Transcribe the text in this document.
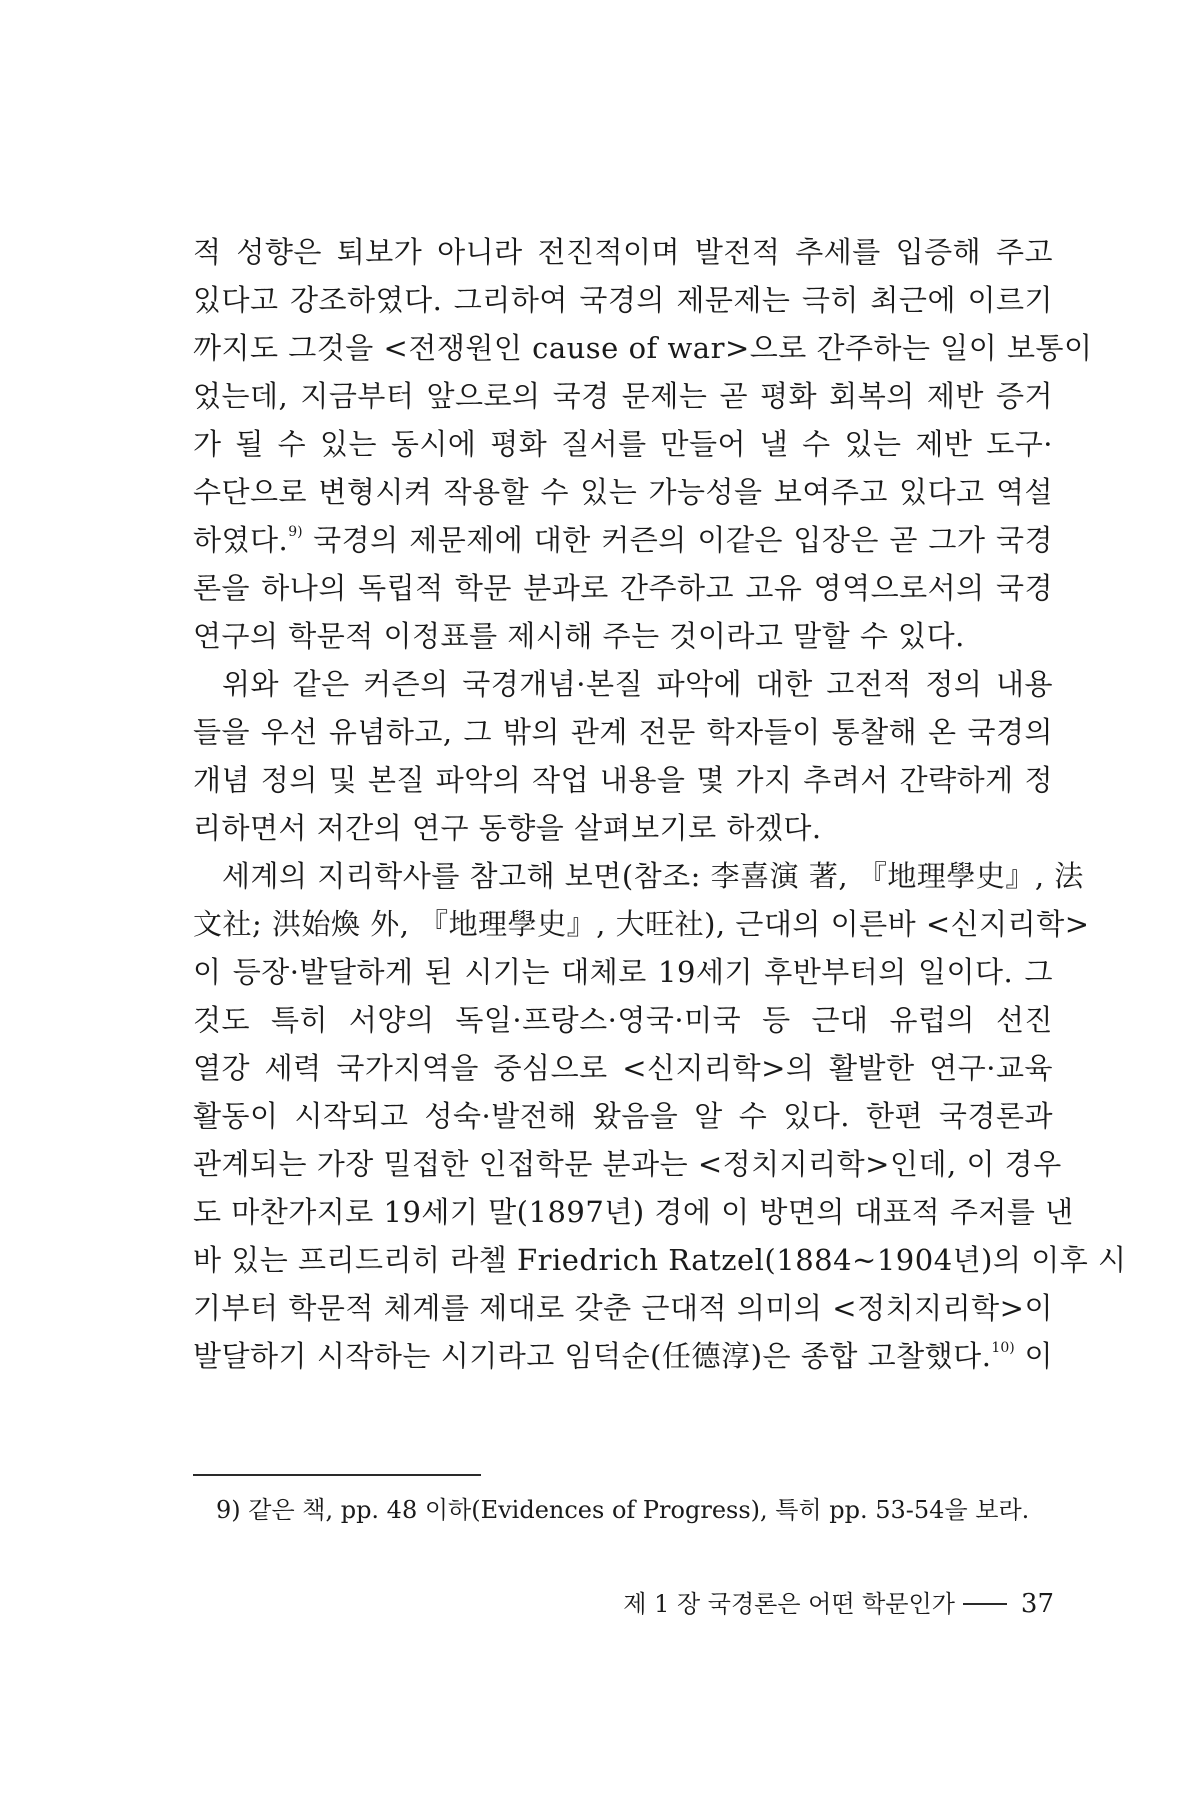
적 성향은 퇴보가 아니라 전진적이며 발전적 추세를 입증해 주고
있다고 강조하였다. 그리하여 국경의 제문제는 극히 최근에 이르기
까지도 그것을 <전쟁원인 cause of war>으로 간주하는 일이 보통이
었는데, 지금부터 앞으로의 국경 문제는 곧 평화 회복의 제반 증거
가 될 수 있는 동시에 평화 질서를 만들어 낼 수 있는 제반 도구·
수단으로 변형시켜 작용할 수 있는 가능성을 보여주고 있다고 역설
하였다.$^{9)}$ 국경의 제문제에 대한 커즌의 이같은 입장은 곧 그가 국경
론을 하나의 독립적 학문 분과로 간주하고 고유 영역으로서의 국경
연구의 학문적 이정표를 제시해 주는 것이라고 말할 수 있다.
위와 같은 커즌의 국경개념·본질 파악에 대한 고전적 정의 내용
들을 우선 유념하고, 그 밖의 관계 전문 학자들이 통찰해 온 국경의
개념 정의 및 본질 파악의 작업 내용을 몇 가지 추려서 간략하게 정
리하면서 저간의 연구 동향을 살펴보기로 하겠다.
세계의 지리학사를 참고해 보면(참조: 李喜演 著, 『地理學史』, 法
文社; 洪始煥 外, 『地理學史』, 大旺社), 근대의 이른바 <신지리학>
이 등장·발달하게 된 시기는 대체로 19세기 후반부터의 일이다. 그
것도 특히 서양의 독일·프랑스·영국·미국 등 근대 유럽의 선진
열강 세력 국가지역을 중심으로 <신지리학>의 활발한 연구·교육
활동이 시작되고 성숙·발전해 왔음을 알 수 있다. 한편 국경론과
관계되는 가장 밀접한 인접학문 분과는 <정치지리학>인데, 이 경우
도 마찬가지로 19세기 말(1897년) 경에 이 방면의 대표적 주저를 낸
바 있는 프리드리히 라첼 Friedrich Ratzel(1884~1904년)의 이후 시
기부터 학문적 체계를 제대로 갖춘 근대적 의미의 <정치지리학>이
발달하기 시작하는 시기라고 임덕순(任德淳)은 종합 고찰했다.$^{10)}$ 이
9) 같은 책, pp. 48 이하(Evidences of Progress), 특히 pp. 53-54을 보라.
제 1 장 국경론은 어떤 학문인가	37
